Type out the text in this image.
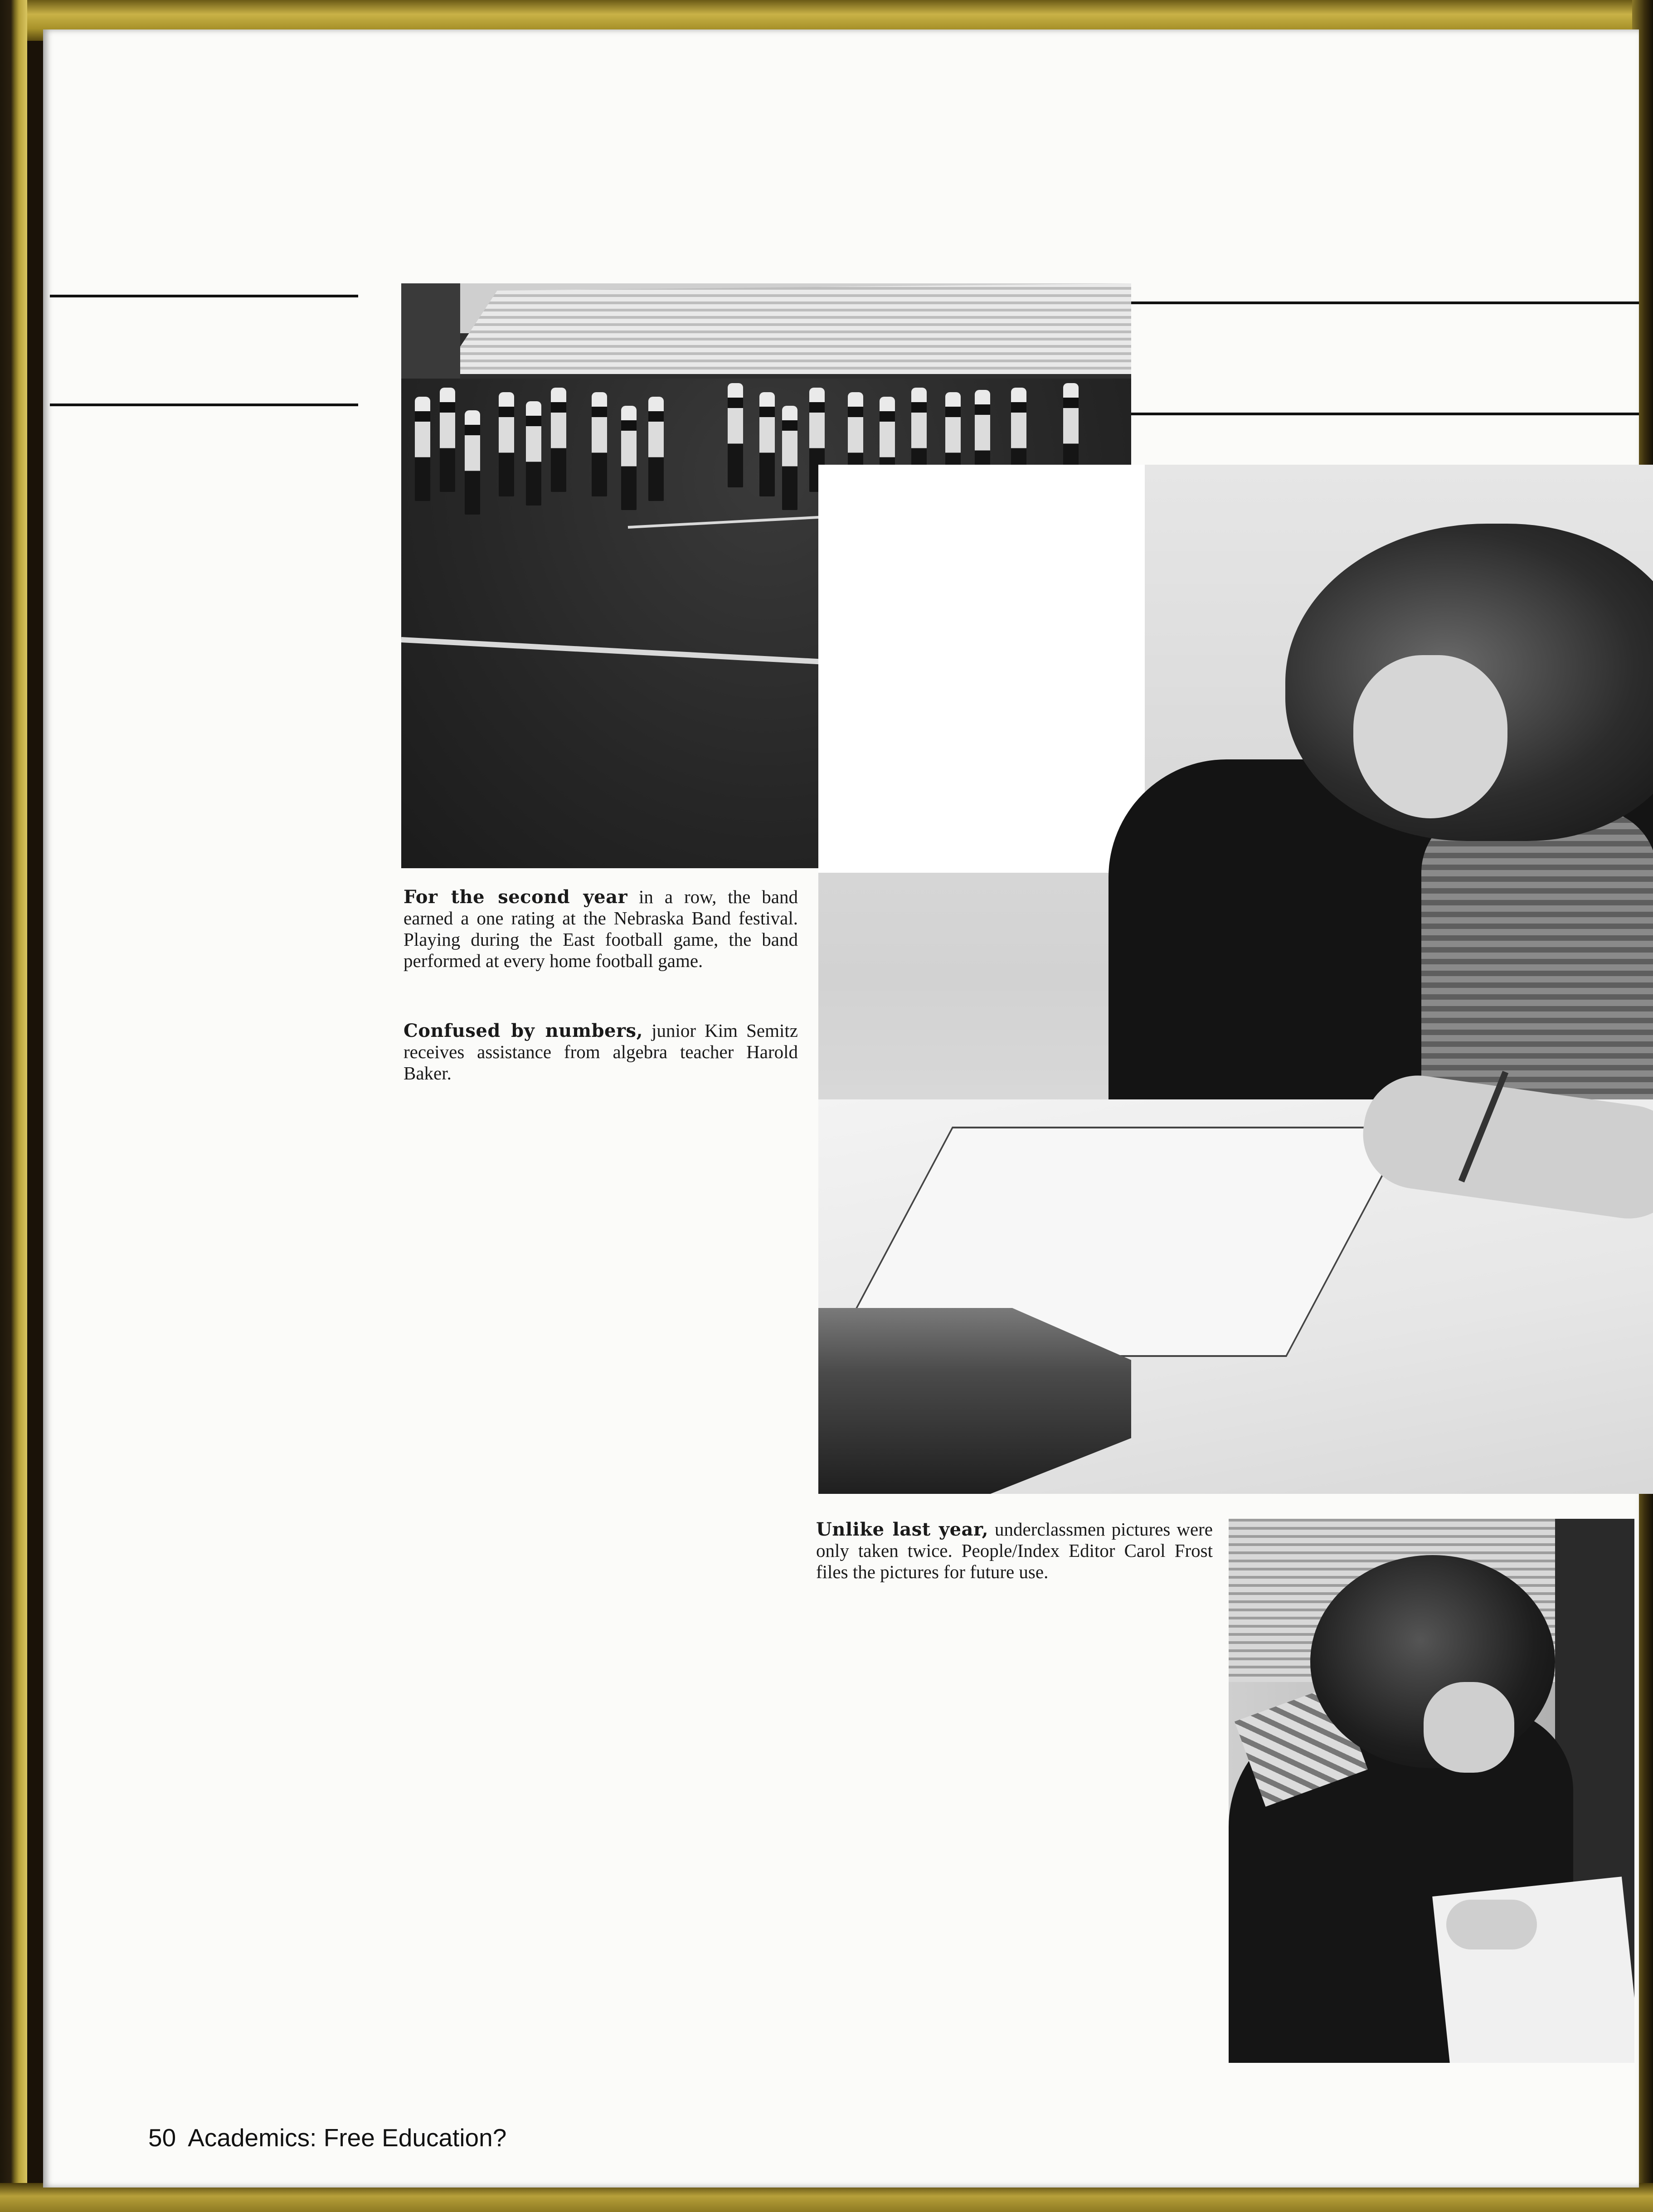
For the second year in a row, the band earned a one rating at the Nebraska Band festival. Playing during the East football game, the band performed at every home football game.

Confused by numbers, junior Kim Semitz receives assistance from algebra teacher Harold Baker.

Unlike last year, underclassmen pictures were only taken twice. People/Index Editor Carol Frost files the pictures for future use.

50 Academics: Free Education?
